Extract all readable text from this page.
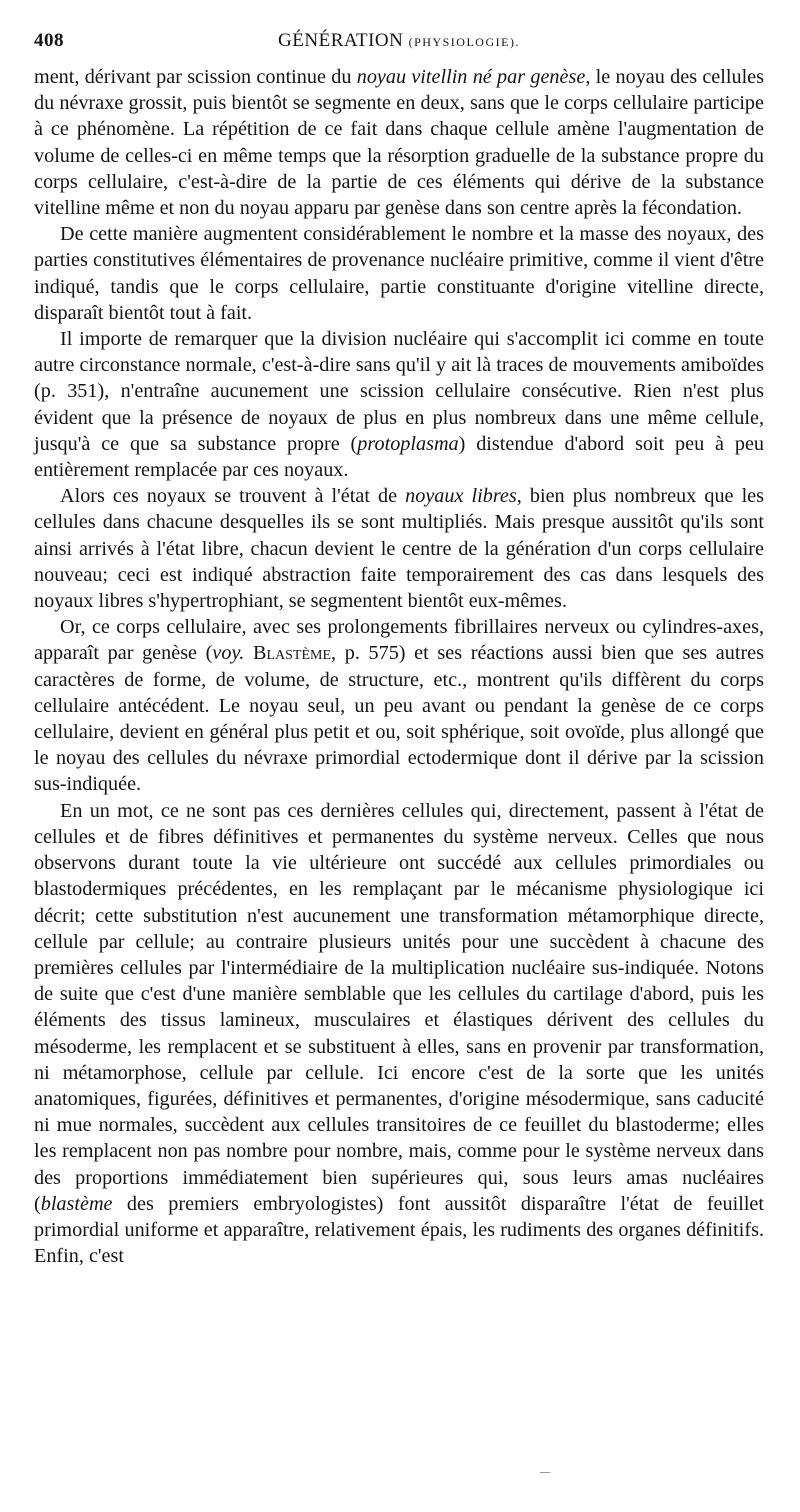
408	GÉNÉRATION (PHYSIOLOGIE).

ment, dérivant par scission continue du noyau vitellin né par genèse, le noyau des cellules du névraxe grossit, puis bientôt se segmente en deux, sans que le corps cellulaire participe à ce phénomène. La répétition de ce fait dans chaque cellule amène l'augmentation de volume de celles-ci en même temps que la résorption graduelle de la substance propre du corps cellulaire, c'est-à-dire de la partie de ces éléments qui dérive de la substance vitelline même et non du noyau apparu par genèse dans son centre après la fécondation.

De cette manière augmentent considérablement le nombre et la masse des noyaux, des parties constitutives élémentaires de provenance nucléaire primitive, comme il vient d'être indiqué, tandis que le corps cellulaire, partie constituante d'origine vitelline directe, disparaît bientôt tout à fait.

Il importe de remarquer que la division nucléaire qui s'accomplit ici comme en toute autre circonstance normale, c'est-à-dire sans qu'il y ait là traces de mouvements amiboïdes (p. 351), n'entraîne aucunement une scission cellulaire consécutive. Rien n'est plus évident que la présence de noyaux de plus en plus nombreux dans une même cellule, jusqu'à ce que sa substance propre (protoplasma) distendue d'abord soit peu à peu entièrement remplacée par ces noyaux.

Alors ces noyaux se trouvent à l'état de noyaux libres, bien plus nombreux que les cellules dans chacune desquelles ils se sont multipliés. Mais presque aussitôt qu'ils sont ainsi arrivés à l'état libre, chacun devient le centre de la génération d'un corps cellulaire nouveau; ceci est indiqué abstraction faite temporairement des cas dans lesquels des noyaux libres s'hypertrophiant, se segmentent bientôt eux-mêmes.

Or, ce corps cellulaire, avec ses prolongements fibrillaires nerveux ou cylindres-axes, apparaît par genèse (voy. Blastème, p. 575) et ses réactions aussi bien que ses autres caractères de forme, de volume, de structure, etc., montrent qu'ils diffèrent du corps cellulaire antécédent. Le noyau seul, un peu avant ou pendant la genèse de ce corps cellulaire, devient en général plus petit et ou, soit sphérique, soit ovoïde, plus allongé que le noyau des cellules du névraxe primordial ectodermique dont il dérive par la scission sus-indiquée.

En un mot, ce ne sont pas ces dernières cellules qui, directement, passent à l'état de cellules et de fibres définitives et permanentes du système nerveux. Celles que nous observons durant toute la vie ultérieure ont succédé aux cellules primordiales ou blastodermiques précédentes, en les remplaçant par le mécanisme physiologique ici décrit; cette substitution n'est aucunement une transformation métamorphique directe, cellule par cellule; au contraire plusieurs unités pour une succèdent à chacune des premières cellules par l'intermédiaire de la multiplication nucléaire sus-indiquée. Notons de suite que c'est d'une manière semblable que les cellules du cartilage d'abord, puis les éléments des tissus lamineux, musculaires et élastiques dérivent des cellules du mésoderme, les remplacent et se substituent à elles, sans en provenir par transformation, ni métamorphose, cellule par cellule. Ici encore c'est de la sorte que les unités anatomiques, figurées, définitives et permanentes, d'origine mésodermique, sans caducité ni mue normales, succèdent aux cellules transitoires de ce feuillet du blastoderme; elles les remplacent non pas nombre pour nombre, mais, comme pour le système nerveux dans des proportions immédiatement bien supérieures qui, sous leurs amas nucléaires (blastème des premiers embryologistes) font aussitôt disparaître l'état de feuillet primordial uniforme et apparaître, relativement épais, les rudiments des organes définitifs. Enfin, c'est
